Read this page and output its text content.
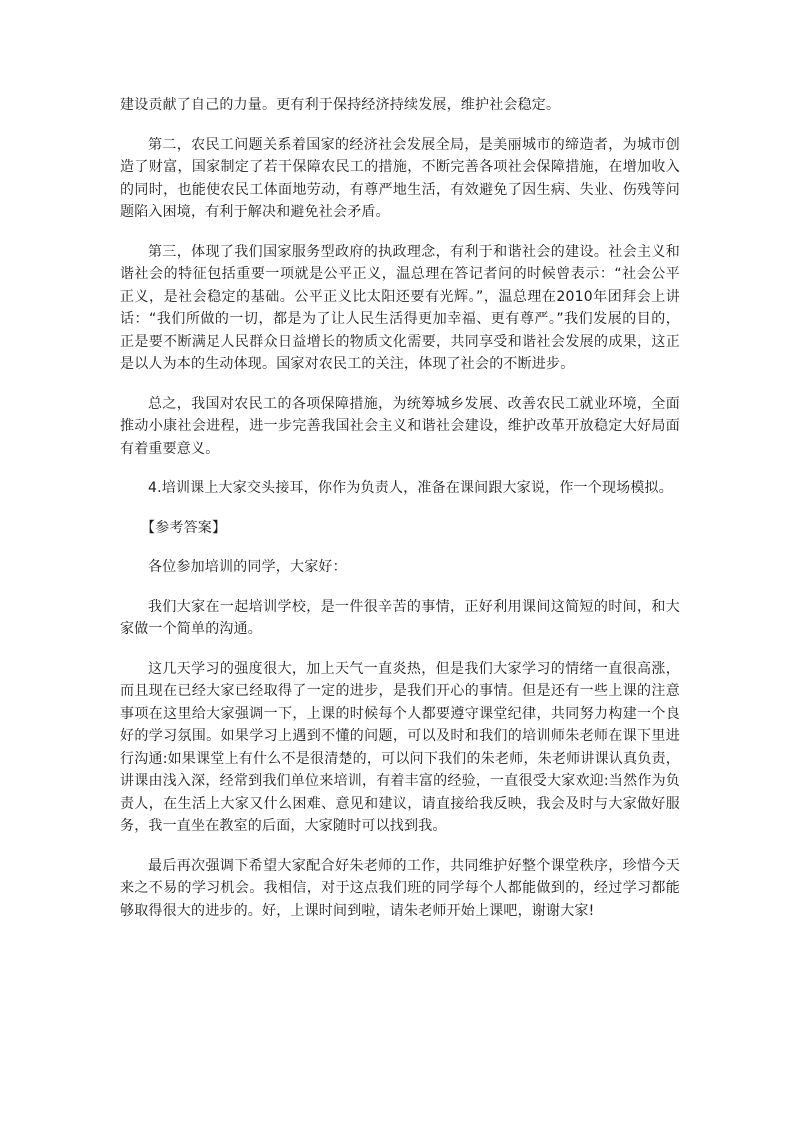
建设贡献了自己的力量。更有利于保持经济持续发展，维护社会稳定。

第二，农民工问题关系着国家的经济社会发展全局，是美丽城市的缔造者，为城市创造了财富，国家制定了若干保障农民工的措施，不断完善各项社会保障措施，在增加收入的同时，也能使农民工体面地劳动，有尊严地生活，有效避免了因生病、失业、伤残等问题陷入困境，有利于解决和避免社会矛盾。

第三，体现了我们国家服务型政府的执政理念，有利于和谐社会的建设。社会主义和谐社会的特征包括重要一项就是公平正义，温总理在答记者问的时候曾表示：“社会公平正义，是社会稳定的基础。公平正义比太阳还要有光辉。”，温总理在2010年团拜会上讲话：“我们所做的一切，都是为了让人民生活得更加幸福、更有尊严。”我们发展的目的，正是要不断满足人民群众日益增长的物质文化需要，共同享受和谐社会发展的成果，这正是以人为本的生动体现。国家对农民工的关注，体现了社会的不断进步。

总之，我国对农民工的各项保障措施，为统筹城乡发展、改善农民工就业环境，全面推动小康社会进程，进一步完善我国社会主义和谐社会建设，维护改革开放稳定大好局面有着重要意义。

4.培训课上大家交头接耳，你作为负责人，准备在课间跟大家说，作一个现场模拟。

【参考答案】

各位参加培训的同学，大家好：

我们大家在一起培训学校，是一件很辛苦的事情，正好利用课间这简短的时间，和大家做一个简单的沟通。

这几天学习的强度很大，加上天气一直炎热，但是我们大家学习的情绪一直很高涨，而且现在已经大家已经取得了一定的进步，是我们开心的事情。但是还有一些上课的注意事项在这里给大家强调一下，上课的时候每个人都要遵守课堂纪律，共同努力构建一个良好的学习氛围。如果学习上遇到不懂的问题，可以及时和我们的培训师朱老师在课下里进行沟通:如果课堂上有什么不是很清楚的，可以问下我们的朱老师，朱老师讲课认真负责，讲课由浅入深，经常到我们单位来培训，有着丰富的经验，一直很受大家欢迎:当然作为负责人，在生活上大家又什么困难、意见和建议，请直接给我反映，我会及时与大家做好服务，我一直坐在教室的后面，大家随时可以找到我。

最后再次强调下希望大家配合好朱老师的工作，共同维护好整个课堂秩序，珍惜今天来之不易的学习机会。我相信，对于这点我们班的同学每个人都能做到的，经过学习都能够取得很大的进步的。好，上课时间到啦，请朱老师开始上课吧，谢谢大家!
